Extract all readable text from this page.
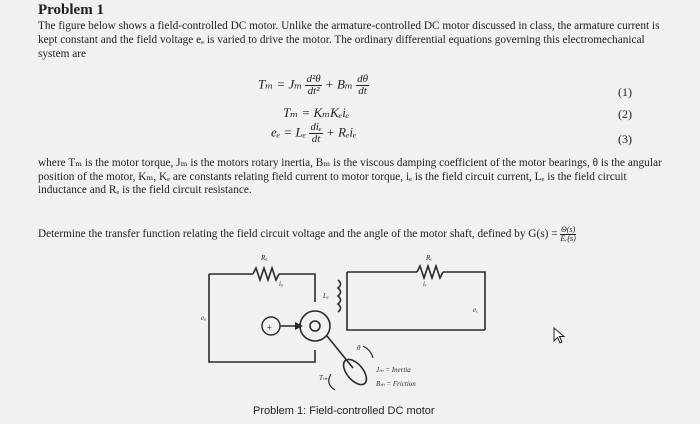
Problem 1
The figure below shows a field-controlled DC motor. Unlike the armature-controlled DC motor discussed in class, the armature current is kept constant and the field voltage eₑ is varied to drive the motor. The ordinary differential equations governing this electromechanical system are
Tₘ = Jₘ $\frac{\text{d²θ}}{\text{dt²}} + B_m \frac{d\theta}{dt}$	(1)
Tₘ = KₘKₑiₑ	(2)
eₑ = Lₑ $\frac{\text{diₑ}}{dt} + R_ei_e$	(3)
where Tₘ is the motor torque, Jₘ is the motors rotary inertia, Bₘ is the viscous damping coefficient of the motor bearings, θ is the angular position of the motor, Kₘ, Kₑ are constants relating field current to motor torque, iₑ is the field circuit current, Lₑ is the field circuit inductance and Rₑ is the field circuit resistance.
Determine the transfer function relating the field circuit voltage and the angle of the motor shaft, defined by $G(s) = \frac{\Theta(s)}{\text{Eₑ(s)}}$
+
Rₐ
iₐ
eₐ
Rₑ
iₑ
Lₑ
eₑ
Tₘ
θ
Jₘ = Inertia
Bₘ = Friction
Problem 1: Field-controlled DC motor
